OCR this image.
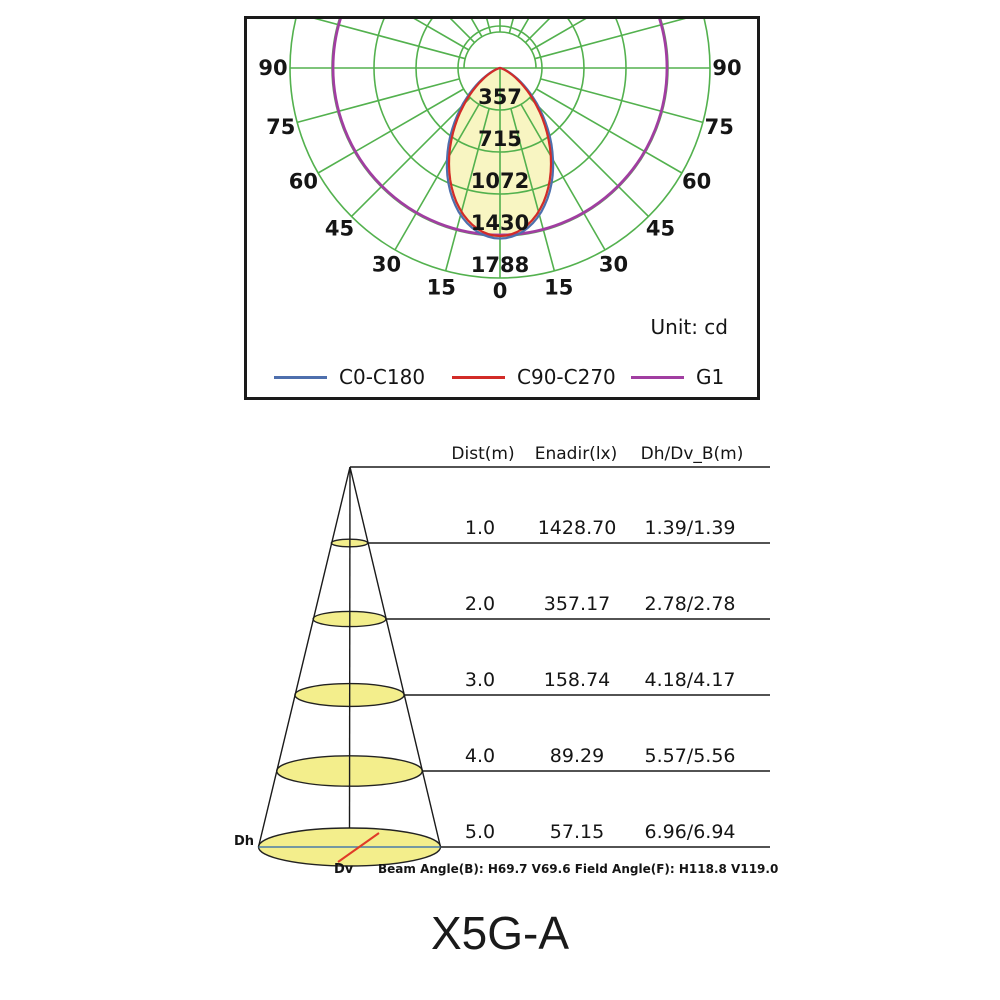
357
715
1072
1430
1788
0 15
15
30
30
45
45
60
60
75
75
90
90
Unit: cd
C0-C180	C90-C270	G1
Dist(m) Enadir(lx) Dh/Dv_B(m)
1.0 1428.70 1.39/1.39
2.0	357.17 2.78/2.78
3.0	158.74 4.18/4.17
4.0	89.29 5.57/5.56
5.0	57.15 6.96/6.94
Dh
Dv Beam Angle(B): H69.7 V69.6 Field Angle(F): H118.8 V119.0
X5G-A
